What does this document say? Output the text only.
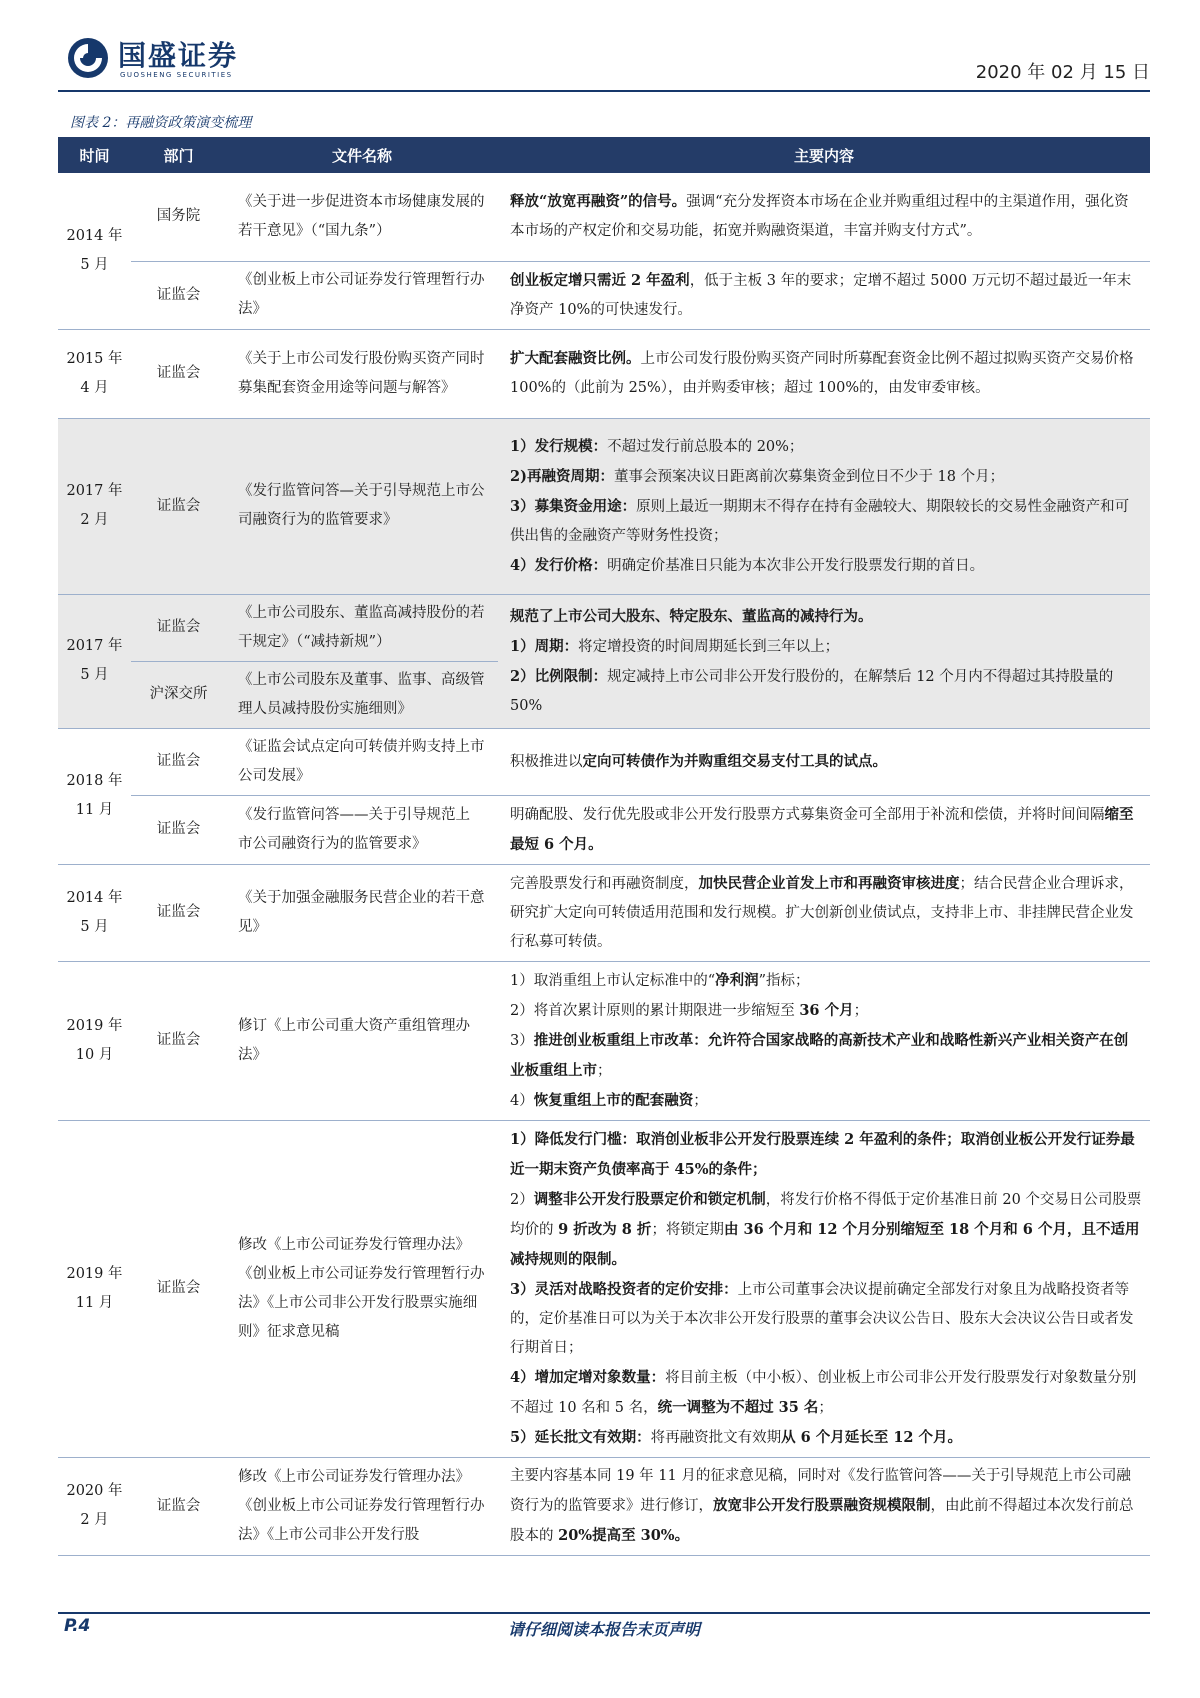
国盛证券
GUOSHENG SECURITIES	2020 年 02 月 15 日
图表 2：再融资政策演变梳理
时间	部门	文件名称	主要内容
2014 年 5 月	国务院	《关于进一步促进资本市场健康发展的若干意见》（“国九条”）	释放“放宽再融资”的信号。强调“充分发挥资本市场在企业并购重组过程中的主渠道作用，强化资本市场的产权定价和交易功能，拓宽并购融资渠道，丰富并购支付方式”。

	证监会	《创业板上市公司证券发行管理暂行办法》	创业板定增只需近 2 年盈利，低于主板 3 年的要求；定增不超过 5000 万元切不超过最近一年末净资产 10%的可快速发行。

2015 年 4 月	证监会	《关于上市公司发行股份购买资产同时募集配套资金用途等问题与解答》	扩大配套融资比例。上市公司发行股份购买资产同时所募配套资金比例不超过拟购买资产交易价格 100%的（此前为 25%），由并购委审核；超过 100%的，由发审委审核。

2017 年 2 月	证监会	《发行监管问答—关于引导规范上市公司融资行为的监管要求》	1）发行规模：不超过发行前总股本的 20%；
2)再融资周期：董事会预案决议日距离前次募集资金到位日不少于 18 个月；
3）募集资金用途：原则上最近一期期末不得存在持有金融较大、期限较长的交易性金融资产和可供出售的金融资产等财务性投资；
4）发行价格：明确定价基准日只能为本次非公开发行股票发行期的首日。

2017 年 5 月	证监会	《上市公司股东、董监高减持股份的若干规定》（“减持新规”）	规范了上市公司大股东、特定股东、董监高的减持行为。
1）周期：将定增投资的时间周期延长到三年以上；
2）比例限制：规定减持上市公司非公开发行股份的，在解禁后 12 个月内不得超过其持股量的 50%

	沪深交所	《上市公司股东及董事、监事、高级管理人员减持股份实施细则》	
2018 年 11 月	证监会	《证监会试点定向可转债并购支持上市公司发展》	积极推进以定向可转债作为并购重组交易支付工具的试点。

	证监会	《发行监管问答——关于引导规范上 市公司融资行为的监管要求》	明确配股、发行优先股或非公开发行股票方式募集资金可全部用于补流和偿债，并将时间间隔缩至最短 6 个月。

2014 年 5 月	证监会	《关于加强金融服务民营企业的若干意见》	完善股票发行和再融资制度，加快民营企业首发上市和再融资审核进度；结合民营企业合理诉求，研究扩大定向可转债适用范围和发行规模。扩大创新创业债试点，支持非上市、非挂牌民营企业发行私募可转债。

2019 年 10 月	证监会	修订《上市公司重大资产重组管理办法》	1）取消重组上市认定标准中的“净利润”指标；
2）将首次累计原则的累计期限进一步缩短至 36 个月；
3）推进创业板重组上市改革：允许符合国家战略的高新技术产业和战略性新兴产业相关资产在创业板重组上市；
4）恢复重组上市的配套融资；

2019 年 11 月	证监会	修改《上市公司证券发行管理办法》《创业板上市公司证券发行管理暂行办法》《上市公司非公开发行股票实施细则》征求意见稿	1）降低发行门槛：取消创业板非公开发行股票连续 2 年盈利的条件；取消创业板公开发行证券最近一期末资产负债率高于 45%的条件；
2）调整非公开发行股票定价和锁定机制，将发行价格不得低于定价基准日前 20 个交易日公司股票均价的 9 折改为 8 折；将锁定期由 36 个月和 12 个月分别缩短至 18 个月和 6 个月，且不适用减持规则的限制。
3）灵活对战略投资者的定价安排：上市公司董事会决议提前确定全部发行对象且为战略投资者等的，定价基准日可以为关于本次非公开发行股票的董事会决议公告日、股东大会决议公告日或者发行期首日；
4）增加定增对象数量：将目前主板（中小板）、创业板上市公司非公开发行股票发行对象数量分别不超过 10 名和 5 名，统一调整为不超过 35 名；
5）延长批文有效期：将再融资批文有效期从 6 个月延长至 12 个月。

2020 年 2 月	证监会	修改《上市公司证券发行管理办法》《创业板上市公司证券发行管理暂行办法》《上市公司非公开发行股	主要内容基本同 19 年 11 月的征求意见稿，同时对《发行监管问答——关于引导规范上市公司融资行为的监管要求》进行修订，放宽非公开发行股票融资规模限制，由此前不得超过本次发行前总股本的 20%提高至 30%。
P.4	请仔细阅读本报告末页声明
